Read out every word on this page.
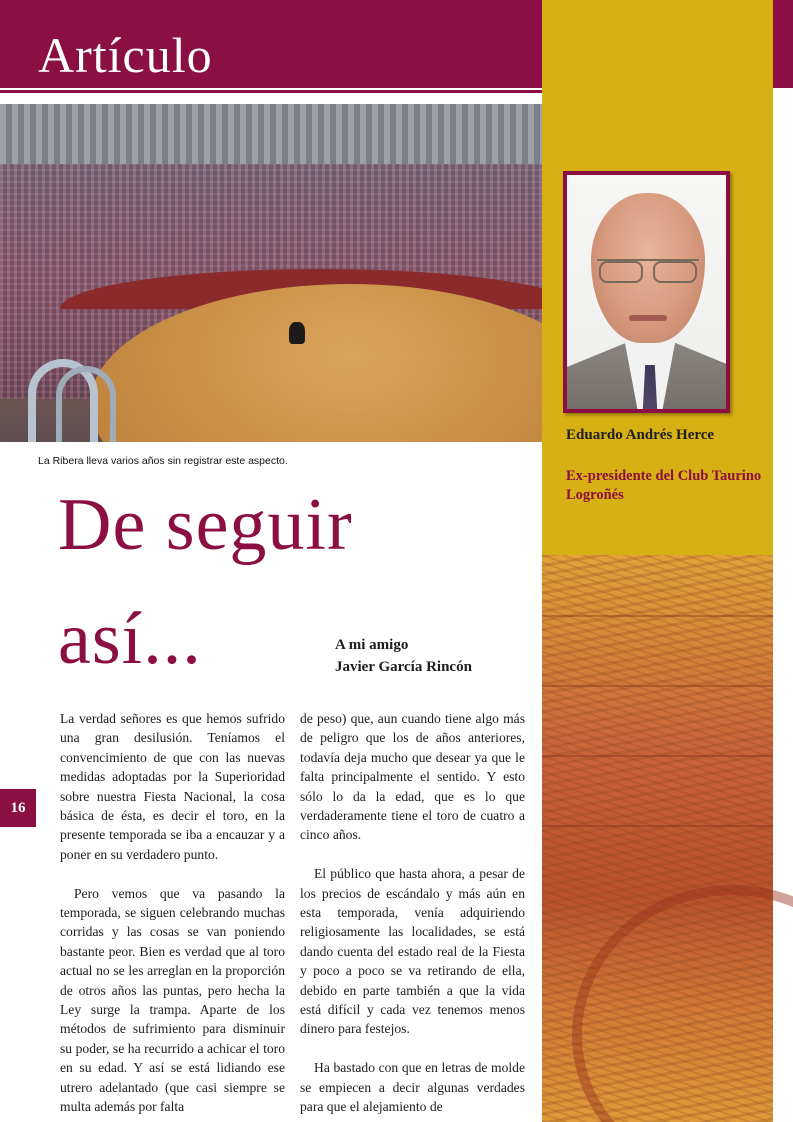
Artículo
La Ribera lleva varios años sin registrar este aspecto.
Eduardo Andrés Herce
Ex-presidente del Club Taurino Logroñés
De seguir
así...	A mi amigo
Javier García Rincón
16

La verdad señores es que hemos sufrido una gran desilusión. Teníamos el convencimiento de que con las nuevas medidas adoptadas por la Superioridad sobre nuestra Fiesta Nacional, la cosa básica de ésta, es decir el toro, en la presente temporada se iba a encauzar y a poner en su verdadero punto.

Pero vemos que va pasando la temporada, se siguen celebrando muchas corridas y las cosas se van poniendo bastante peor. Bien es verdad que al toro actual no se les arreglan en la proporción de otros años las puntas, pero hecha la Ley surge la trampa. Aparte de los métodos de sufrimiento para disminuir su poder, se ha recurrido a achicar el toro en su edad. Y así se está lidiando ese utrero adelantado (que casi siempre se multa además por falta

de peso) que, aun cuando tiene algo más de peligro que los de años anteriores, todavía deja mucho que desear ya que le falta principalmente el sentido. Y esto sólo lo da la edad, que es lo que verdaderamente tiene el toro de cuatro a cinco años.

El público que hasta ahora, a pesar de los precios de escándalo y más aún en esta temporada, venía adquiriendo religiosamente las localidades, se está dando cuenta del estado real de la Fiesta y poco a poco se va retirando de ella, debido en parte también a que la vida está difícil y cada vez tenemos menos dinero para festejos.

Ha bastado con que en letras de molde se empiecen a decir algunas verdades para que el alejamiento de
